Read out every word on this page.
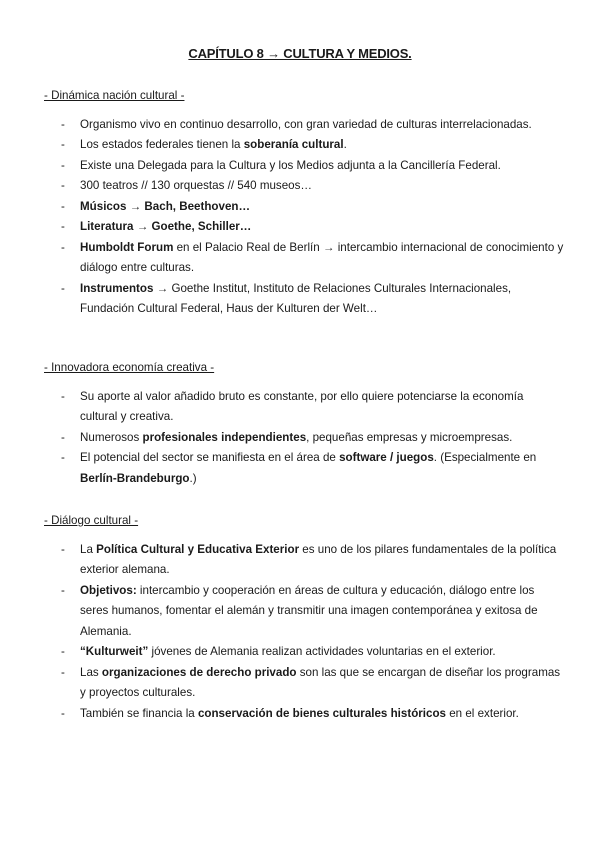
CAPÍTULO 8 → CULTURA Y MEDIOS.

- Dinámica nación cultural -

- Organismo vivo en continuo desarrollo, con gran variedad de culturas interrelacionadas.
- Los estados federales tienen la soberanía cultural.
- Existe una Delegada para la Cultura y los Medios adjunta a la Cancillería Federal.
- 300 teatros // 130 orquestas // 540 museos…
- Músicos → Bach, Beethoven…
- Literatura → Goethe, Schiller…
- Humboldt Forum en el Palacio Real de Berlín → intercambio internacional de conocimiento y diálogo entre culturas.
- Instrumentos → Goethe Institut, Instituto de Relaciones Culturales Internacionales, Fundación Cultural Federal, Haus der Kulturen der Welt…

- Innovadora economía creativa -

- Su aporte al valor añadido bruto es constante, por ello quiere potenciarse la economía cultural y creativa.
- Numerosos profesionales independientes, pequeñas empresas y microempresas.
- El potencial del sector se manifiesta en el área de software / juegos. (Especialmente en Berlín-Brandeburgo.)

- Diálogo cultural -

- La Política Cultural y Educativa Exterior es uno de los pilares fundamentales de la política exterior alemana.
- Objetivos: intercambio y cooperación en áreas de cultura y educación, diálogo entre los seres humanos, fomentar el alemán y transmitir una imagen contemporánea y exitosa de Alemania.
- “Kulturweit” jóvenes de Alemania realizan actividades voluntarias en el exterior.
- Las organizaciones de derecho privado son las que se encargan de diseñar los programas y proyectos culturales.
- También se financia la conservación de bienes culturales históricos en el exterior.
